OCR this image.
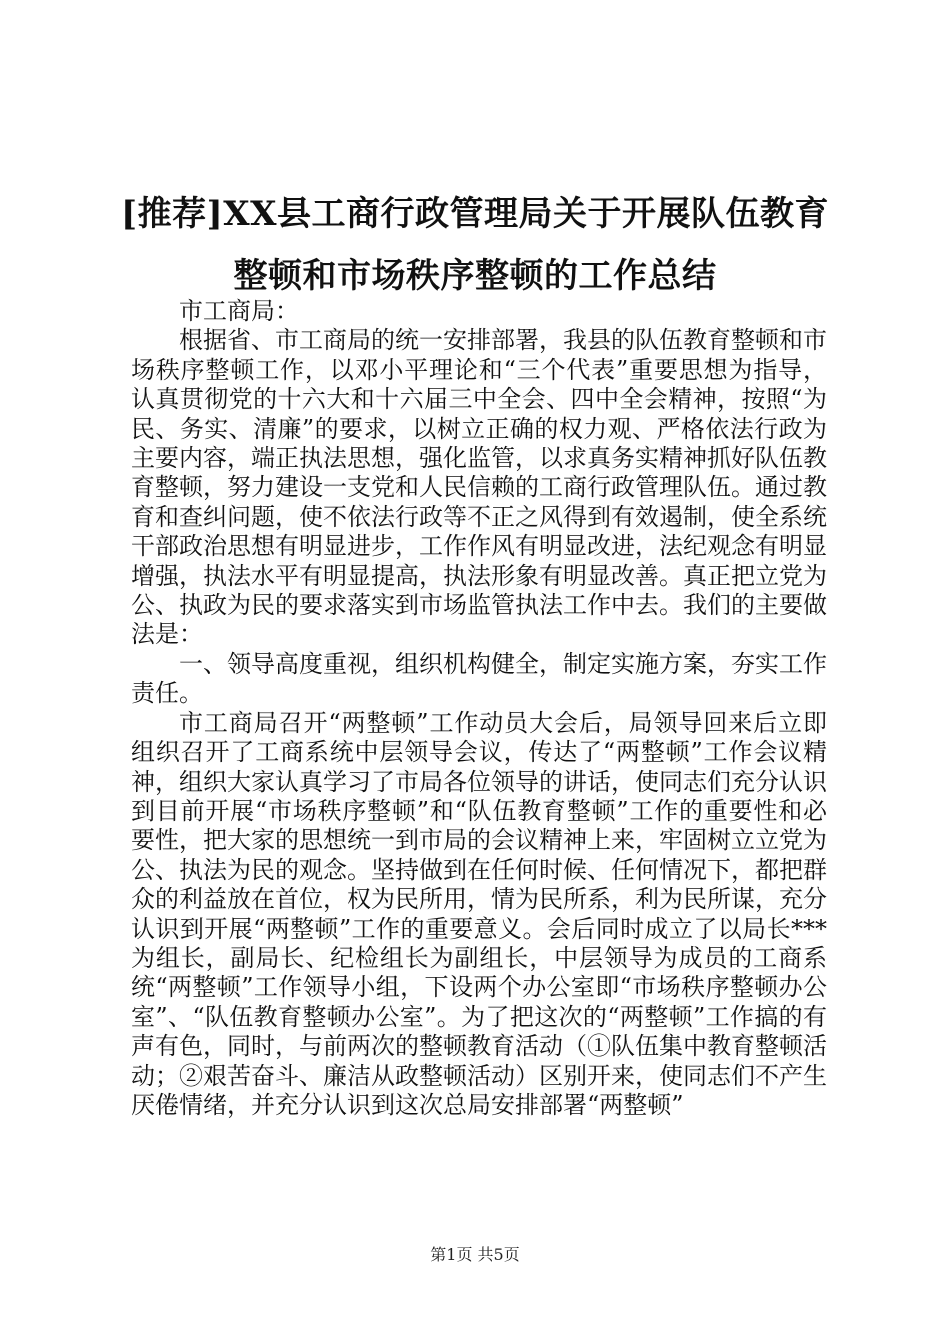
[推荐]XX县工商行政管理局关于开展队伍教育整顿和市场秩序整顿的工作总结

市工商局：

根据省、市工商局的统一安排部署，我县的队伍教育整顿和市场秩序整顿工作，以邓小平理论和“三个代表”重要思想为指导，认真贯彻党的十六大和十六届三中全会、四中全会精神，按照“为民、务实、清廉”的要求，以树立正确的权力观、严格依法行政为主要内容，端正执法思想，强化监管，以求真务实精神抓好队伍教育整顿，努力建设一支党和人民信赖的工商行政管理队伍。通过教育和查纠问题，使不依法行政等不正之风得到有效遏制，使全系统干部政治思想有明显进步，工作作风有明显改进，法纪观念有明显增强，执法水平有明显提高，执法形象有明显改善。真正把立党为公、执政为民的要求落实到市场监管执法工作中去。我们的主要做法是：

一、领导高度重视，组织机构健全，制定实施方案，夯实工作责任。

市工商局召开“两整顿”工作动员大会后，局领导回来后立即组织召开了工商系统中层领导会议，传达了“两整顿”工作会议精神，组织大家认真学习了市局各位领导的讲话，使同志们充分认识到目前开展“市场秩序整顿”和“队伍教育整顿”工作的重要性和必要性，把大家的思想统一到市局的会议精神上来，牢固树立立党为公、执法为民的观念。坚持做到在任何时候、任何情况下，都把群众的利益放在首位，权为民所用，情为民所系，利为民所谋，充分认识到开展“两整顿”工作的重要意义。会后同时成立了以局长***为组长，副局长、纪检组长为副组长，中层领导为成员的工商系统“两整顿”工作领导小组，下设两个办公室即“市场秩序整顿办公室”、“队伍教育整顿办公室”。为了把这次的“两整顿”工作搞的有声有色，同时，与前两次的整顿教育活动（①队伍集中教育整顿活动；②艰苦奋斗、廉洁从政整顿活动）区别开来，使同志们不产生厌倦情绪，并充分认识到这次总局安排部署“两整顿”

第1页 共5页
